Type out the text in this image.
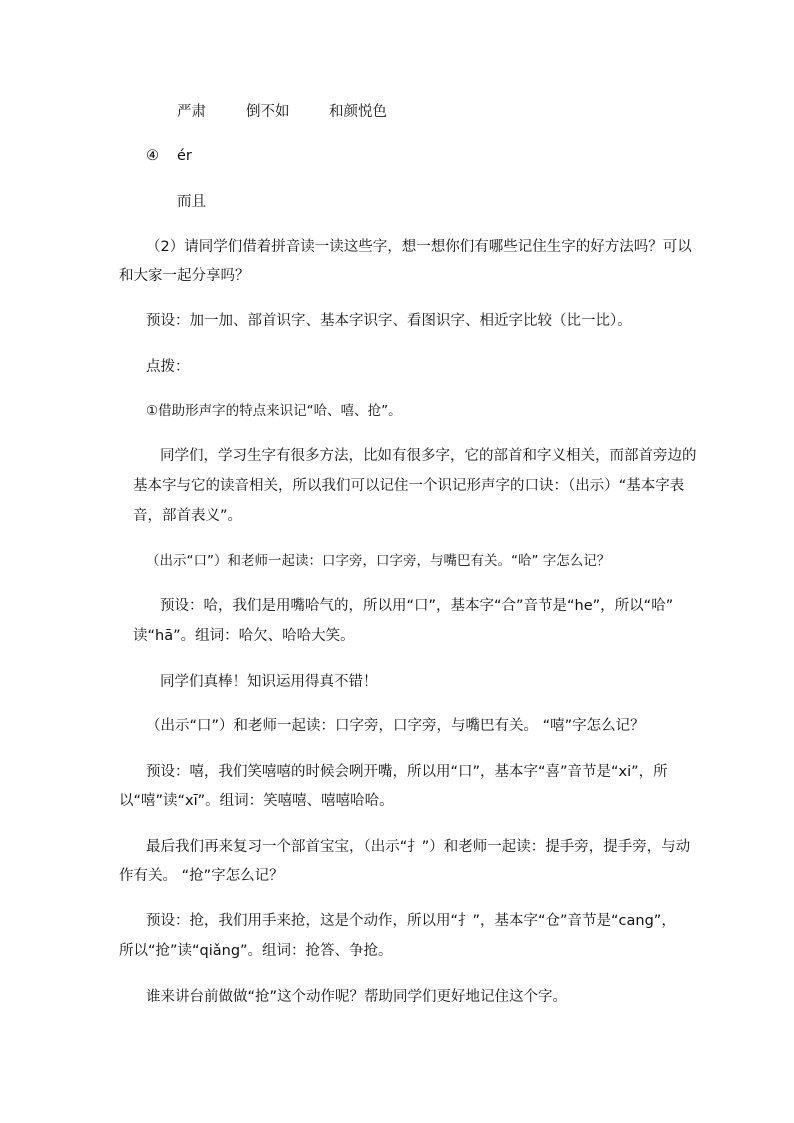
严肃	倒不如	和颜悦色
④ ér
而且
（2）请同学们借着拼音读一读这些字，想一想你们有哪些记住生字的好方法吗？可以
和大家一起分享吗？
预设：加一加、部首识字、基本字识字、看图识字、相近字比较（比一比）。
点拨：
①借助形声字的特点来识记“哈、嘻、抢”。
同学们，学习生字有很多方法，比如有很多字，它的部首和字义相关，而部首旁边的
基本字与它的读音相关，所以我们可以记住一个识记形声字的口诀：（出示）“基本字表
音，部首表义”。
（出示“口”）和老师一起读：口字旁，口字旁，与嘴巴有关。“哈” 字怎么记？
预设：哈，我们是用嘴哈气的，所以用“口”，基本字“合”音节是“he”，所以“哈”
读“hā”。组词：哈欠、哈哈大笑。
同学们真棒！知识运用得真不错！
（出示“口”）和老师一起读：口字旁，口字旁，与嘴巴有关。 “嘻”字怎么记？
预设：嘻，我们笑嘻嘻的时候会咧开嘴，所以用“口”，基本字“喜”音节是“xi”，所
以“嘻”读“xī”。组词：笑嘻嘻、嘻嘻哈哈。
最后我们再来复习一个部首宝宝，（出示“扌”）和老师一起读：提手旁，提手旁，与动
作有关。 “抢”字怎么记？
预设：抢，我们用手来抢，这是个动作，所以用“扌”，基本字“仓”音节是“cang”，
所以“抢”读“qiǎng”。组词：抢答、争抢。
谁来讲台前做做“抢”这个动作呢？帮助同学们更好地记住这个字。
